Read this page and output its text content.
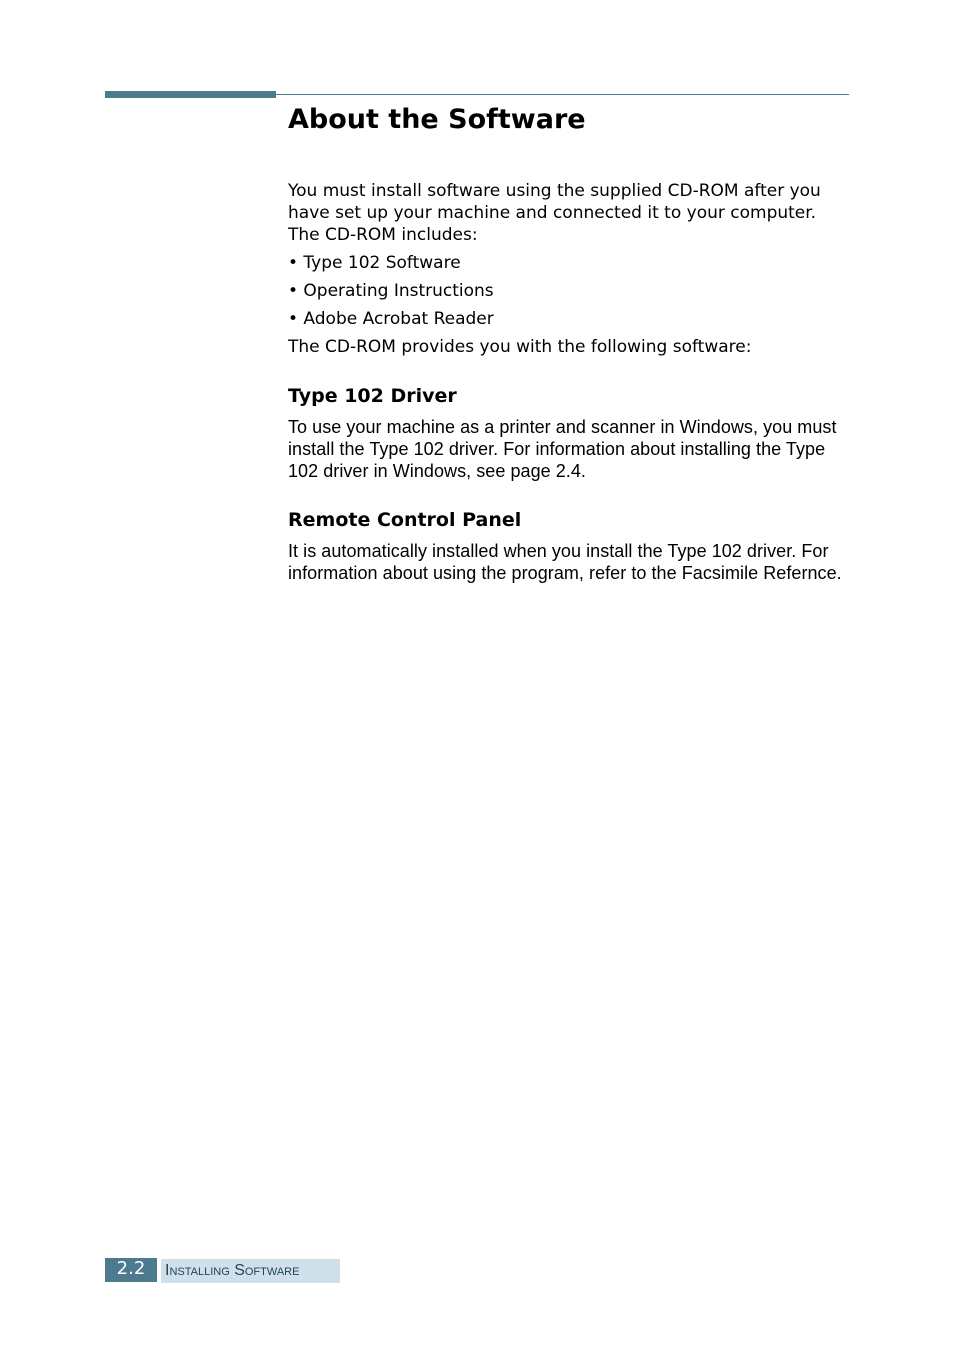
About the Software

You must install software using the supplied CD-ROM after you have set up your machine and connected it to your computer. The CD-ROM includes:

• Type 102 Software
• Operating Instructions
• Adobe Acrobat Reader

The CD-ROM provides you with the following software:

Type 102 Driver

To use your machine as a printer and scanner in Windows, you must install the Type 102 driver. For information about installing the Type 102 driver in Windows, see page 2.4.

Remote Control Panel

It is automatically installed when you install the Type 102 driver. For information about using the program, refer to the Facsimile Refernce.

2.2	Installing Software
